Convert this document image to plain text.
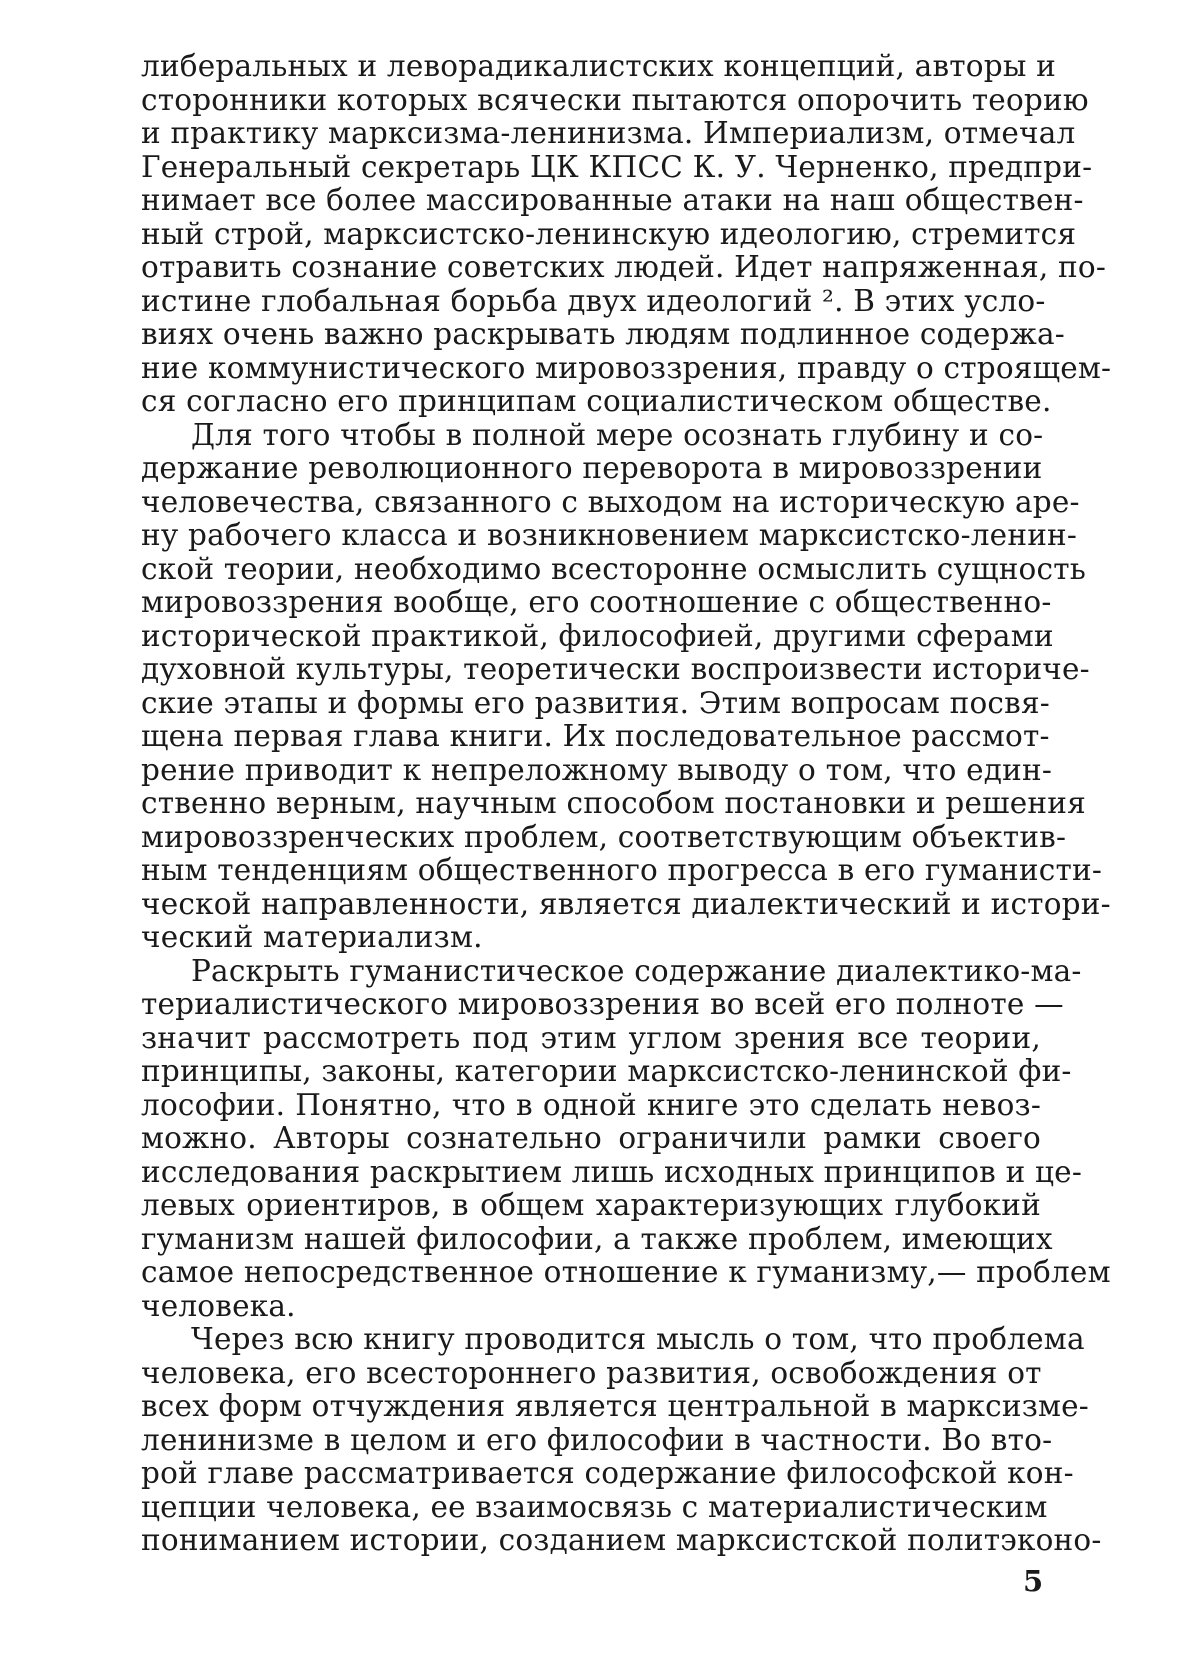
либеральных и леворадикалистских концепций, авторы и
сторонники которых всячески пытаются опорочить теорию
и практику марксизма-ленинизма. Империализм, отмечал
Генеральный секретарь ЦК КПСС К. У. Черненко, предпри-
нимает все более массированные атаки на наш обществен-
ный строй, марксистско-ленинскую идеологию, стремится
отравить сознание советских людей. Идет напряженная, по-
истине глобальная борьба двух идеологий ². В этих усло-
виях очень важно раскрывать людям подлинное содержа-
ние коммунистического мировоззрения, правду о строящем-
ся согласно его принципам социалистическом обществе.
Для того чтобы в полной мере осознать глубину и со-
держание революционного переворота в мировоззрении
человечества, связанного с выходом на историческую аре-
ну рабочего класса и возникновением марксистско-ленин-
ской теории, необходимо всесторонне осмыслить сущность
мировоззрения вообще, его соотношение с общественно-
исторической практикой, философией, другими сферами
духовной культуры, теоретически воспроизвести историче-
ские этапы и формы его развития. Этим вопросам посвя-
щена первая глава книги. Их последовательное рассмот-
рение приводит к непреложному выводу о том, что един-
ственно верным, научным способом постановки и решения
мировоззренческих проблем, соответствующим объектив-
ным тенденциям общественного прогресса в его гуманисти-
ческой направленности, является диалектический и истори-
ческий материализм.
Раскрыть гуманистическое содержание диалектико-ма-
териалистического мировоззрения во всей его полноте —
значит рассмотреть под этим углом зрения все теории,
принципы, законы, категории марксистско-ленинской фи-
лософии. Понятно, что в одной книге это сделать невоз-
можно. Авторы сознательно ограничили рамки своего
исследования раскрытием лишь исходных принципов и це-
левых ориентиров, в общем характеризующих глубокий
гуманизм нашей философии, а также проблем, имеющих
самое непосредственное отношение к гуманизму,— проблем
человека.
Через всю книгу проводится мысль о том, что проблема
человека, его всестороннего развития, освобождения от
всех форм отчуждения является центральной в марксизме-
ленинизме в целом и его философии в частности. Во вто-
рой главе рассматривается содержание философской кон-
цепции человека, ее взаимосвязь с материалистическим
пониманием истории, созданием марксистской политэконо-
5
